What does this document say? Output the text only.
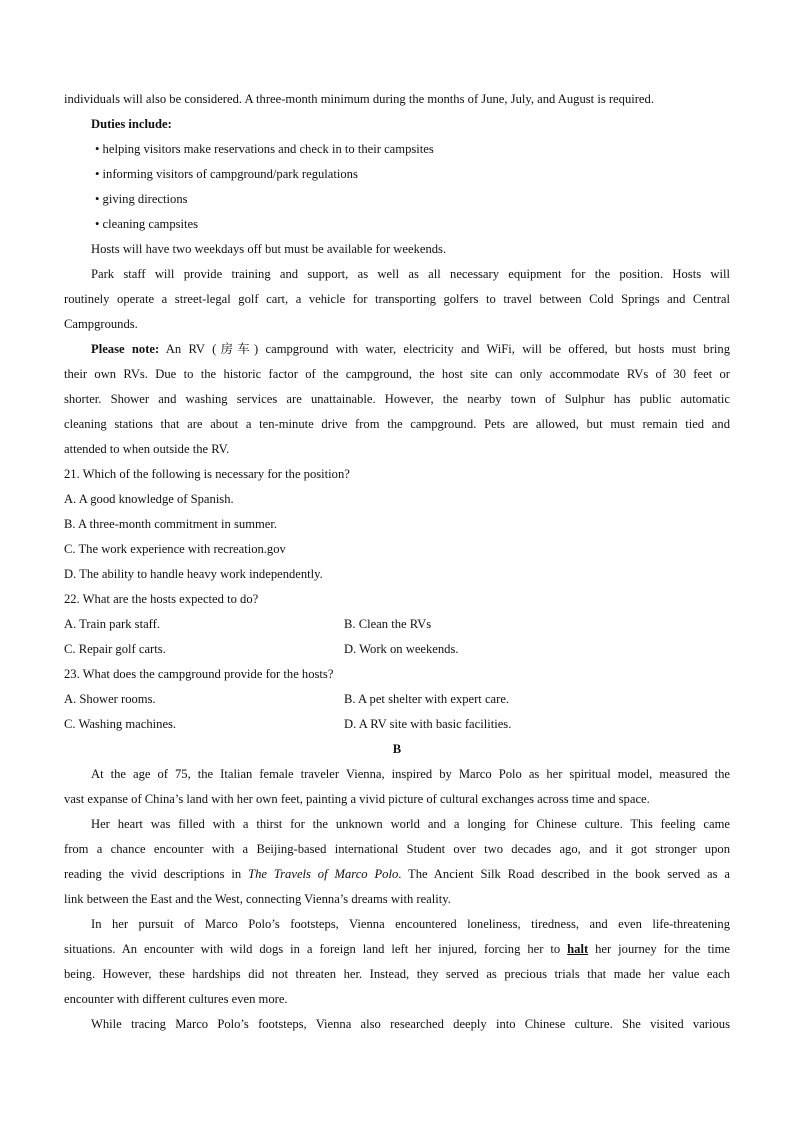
individuals will also be considered. A three-month minimum during the months of June, July, and August is required.
Duties include:
• helping visitors make reservations and check in to their campsites
• informing visitors of campground/park regulations
• giving directions
• cleaning campsites
Hosts will have two weekdays off but must be available for weekends.
Park staff will provide training and support, as well as all necessary equipment for the position. Hosts will
routinely operate a street-legal golf cart, a vehicle for transporting golfers to travel between Cold Springs and Central
Campgrounds.
Please note: An RV (房车) campground with water, electricity and WiFi, will be offered, but hosts must bring
their own RVs. Due to the historic factor of the campground, the host site can only accommodate RVs of 30 feet or
shorter. Shower and washing services are unattainable. However, the nearby town of Sulphur has public automatic
cleaning stations that are about a ten-minute drive from the campground. Pets are allowed, but must remain tied and
attended to when outside the RV.
21. Which of the following is necessary for the position?
A. A good knowledge of Spanish.
B. A three-month commitment in summer.
C. The work experience with recreation.gov
D. The ability to handle heavy work independently.
22. What are the hosts expected to do?
A. Train park staff.	B. Clean the RVs
C. Repair golf carts.	D. Work on weekends.
23. What does the campground provide for the hosts?
A. Shower rooms.	B. A pet shelter with expert care.
C. Washing machines.	D. A RV site with basic facilities.
B
At the age of 75, the Italian female traveler Vienna, inspired by Marco Polo as her spiritual model, measured the
vast expanse of China’s land with her own feet, painting a vivid picture of cultural exchanges across time and space.
Her heart was filled with a thirst for the unknown world and a longing for Chinese culture. This feeling came
from a chance encounter with a Beijing-based international Student over two decades ago, and it got stronger upon
reading the vivid descriptions in The Travels of Marco Polo. The Ancient Silk Road described in the book served as a
link between the East and the West, connecting Vienna’s dreams with reality.
In her pursuit of Marco Polo’s footsteps, Vienna encountered loneliness, tiredness, and even life-threatening
situations. An encounter with wild dogs in a foreign land left her injured, forcing her to halt her journey for the time
being. However, these hardships did not threaten her. Instead, they served as precious trials that made her value each
encounter with different cultures even more.
While tracing Marco Polo’s footsteps, Vienna also researched deeply into Chinese culture. She visited various
